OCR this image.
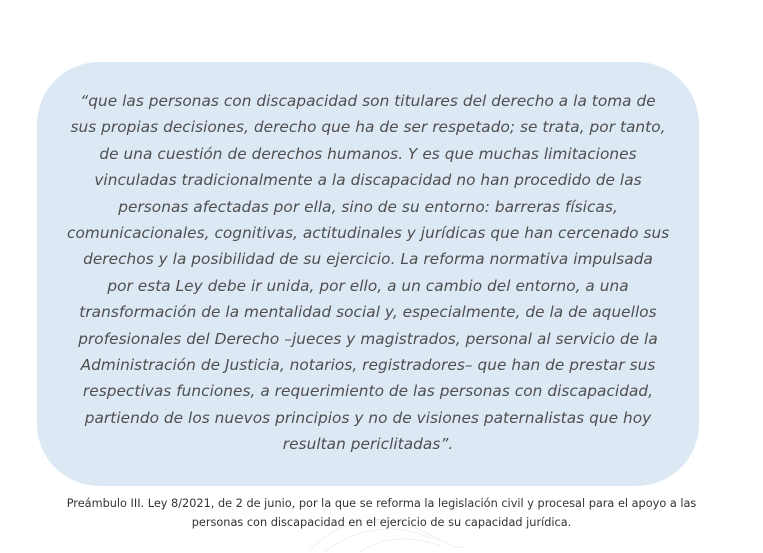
“que las personas con discapacidad son titulares del derecho a la toma de
sus propias decisiones, derecho que ha de ser respetado; se trata, por tanto,
de una cuestión de derechos humanos. Y es que muchas limitaciones
vinculadas tradicionalmente a la discapacidad no han procedido de las
personas afectadas por ella, sino de su entorno: barreras físicas,
comunicacionales, cognitivas, actitudinales y jurídicas que han cercenado sus
derechos y la posibilidad de su ejercicio. La reforma normativa impulsada
por esta Ley debe ir unida, por ello, a un cambio del entorno, a una
transformación de la mentalidad social y, especialmente, de la de aquellos
profesionales del Derecho –jueces y magistrados, personal al servicio de la
Administración de Justicia, notarios, registradores– que han de prestar sus
respectivas funciones, a requerimiento de las personas con discapacidad,
partiendo de los nuevos principios y no de visiones paternalistas que hoy
resultan periclitadas”.

Preámbulo III. Ley 8/2021, de 2 de junio, por la que se reforma la legislación civil y procesal para el apoyo a las
personas con discapacidad en el ejercicio de su capacidad jurídica.
